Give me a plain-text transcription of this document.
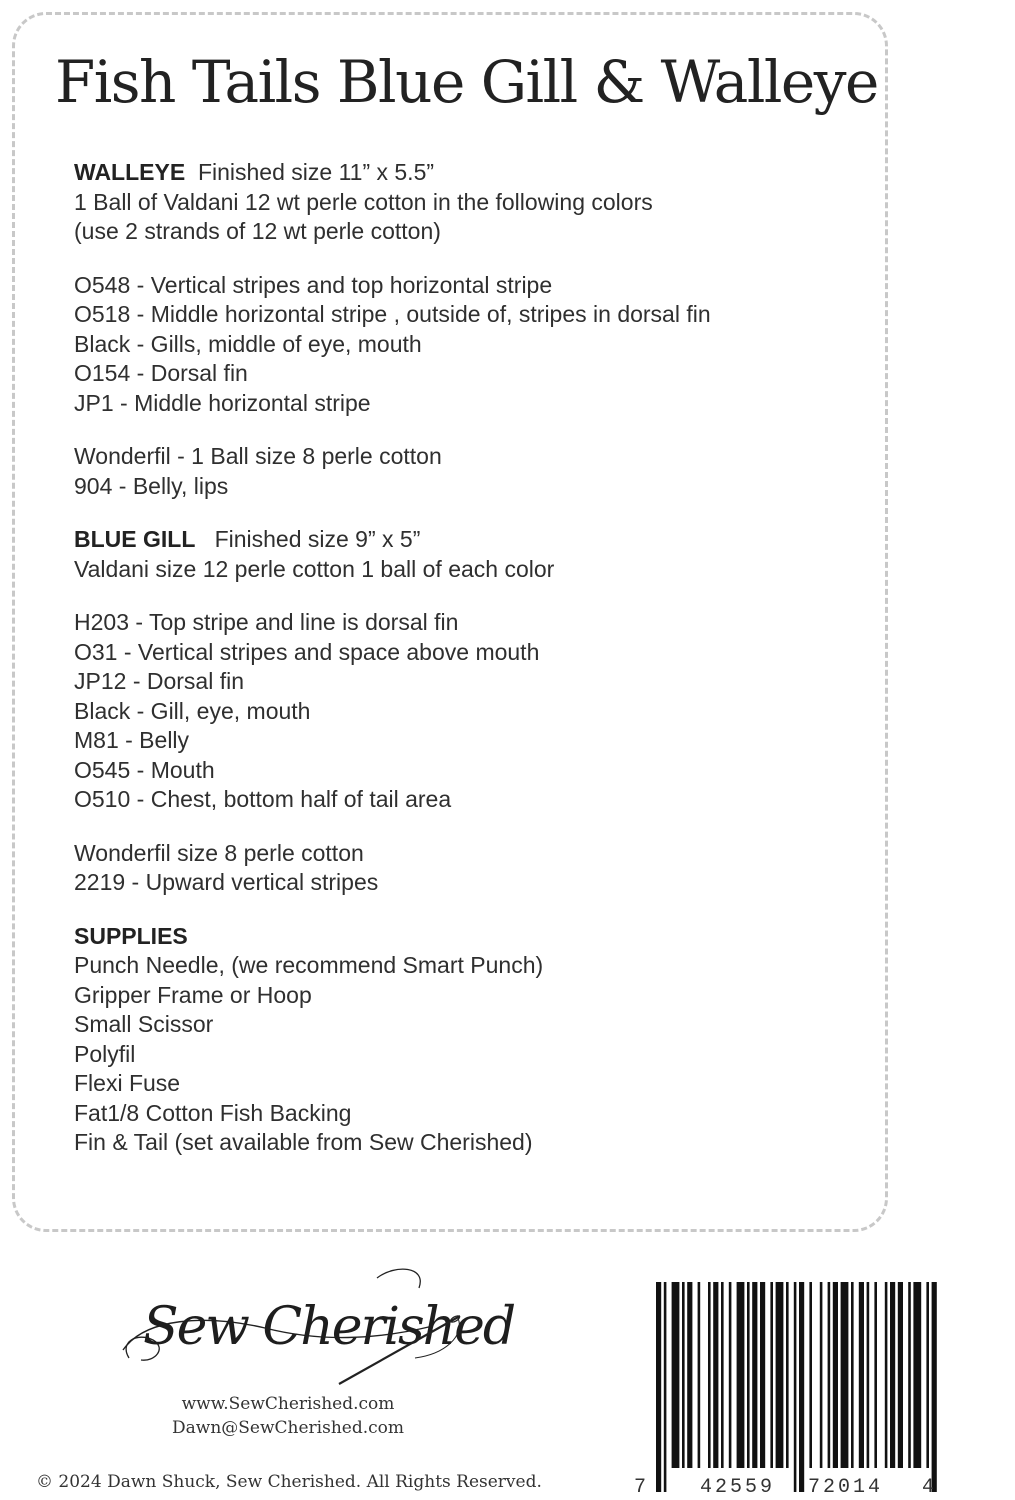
Fish Tails Blue Gill & Walleye
WALLEYE Finished size 11” x 5.5”
1 Ball of Valdani 12 wt perle cotton in the following colors
(use 2 strands of 12 wt perle cotton)
O548 - Vertical stripes and top horizontal stripe
O518 - Middle horizontal stripe , outside of, stripes in dorsal fin
Black - Gills, middle of eye, mouth
O154 - Dorsal fin
JP1 - Middle horizontal stripe
Wonderfil - 1 Ball size 8 perle cotton
904 - Belly, lips
BLUE GILL Finished size 9” x 5”
Valdani size 12 perle cotton 1 ball of each color
H203 - Top stripe and line is dorsal fin
O31 - Vertical stripes and space above mouth
JP12 - Dorsal fin
Black - Gill, eye, mouth
M81 - Belly
O545 - Mouth
O510 - Chest, bottom half of tail area
Wonderfil size 8 perle cotton
2219 - Upward vertical stripes
SUPPLIES
Punch Needle, (we recommend Smart Punch)
Gripper Frame or Hoop
Small Scissor
Polyfil
Flexi Fuse
Fat1/8 Cotton Fish Backing
Fin & Tail (set available from Sew Cherished)
Sew Cherished
www.SewCherished.com
Dawn@SewCherished.com
© 2024 Dawn Shuck, Sew Cherished. All Rights Reserved.	7	42559 72014 4
